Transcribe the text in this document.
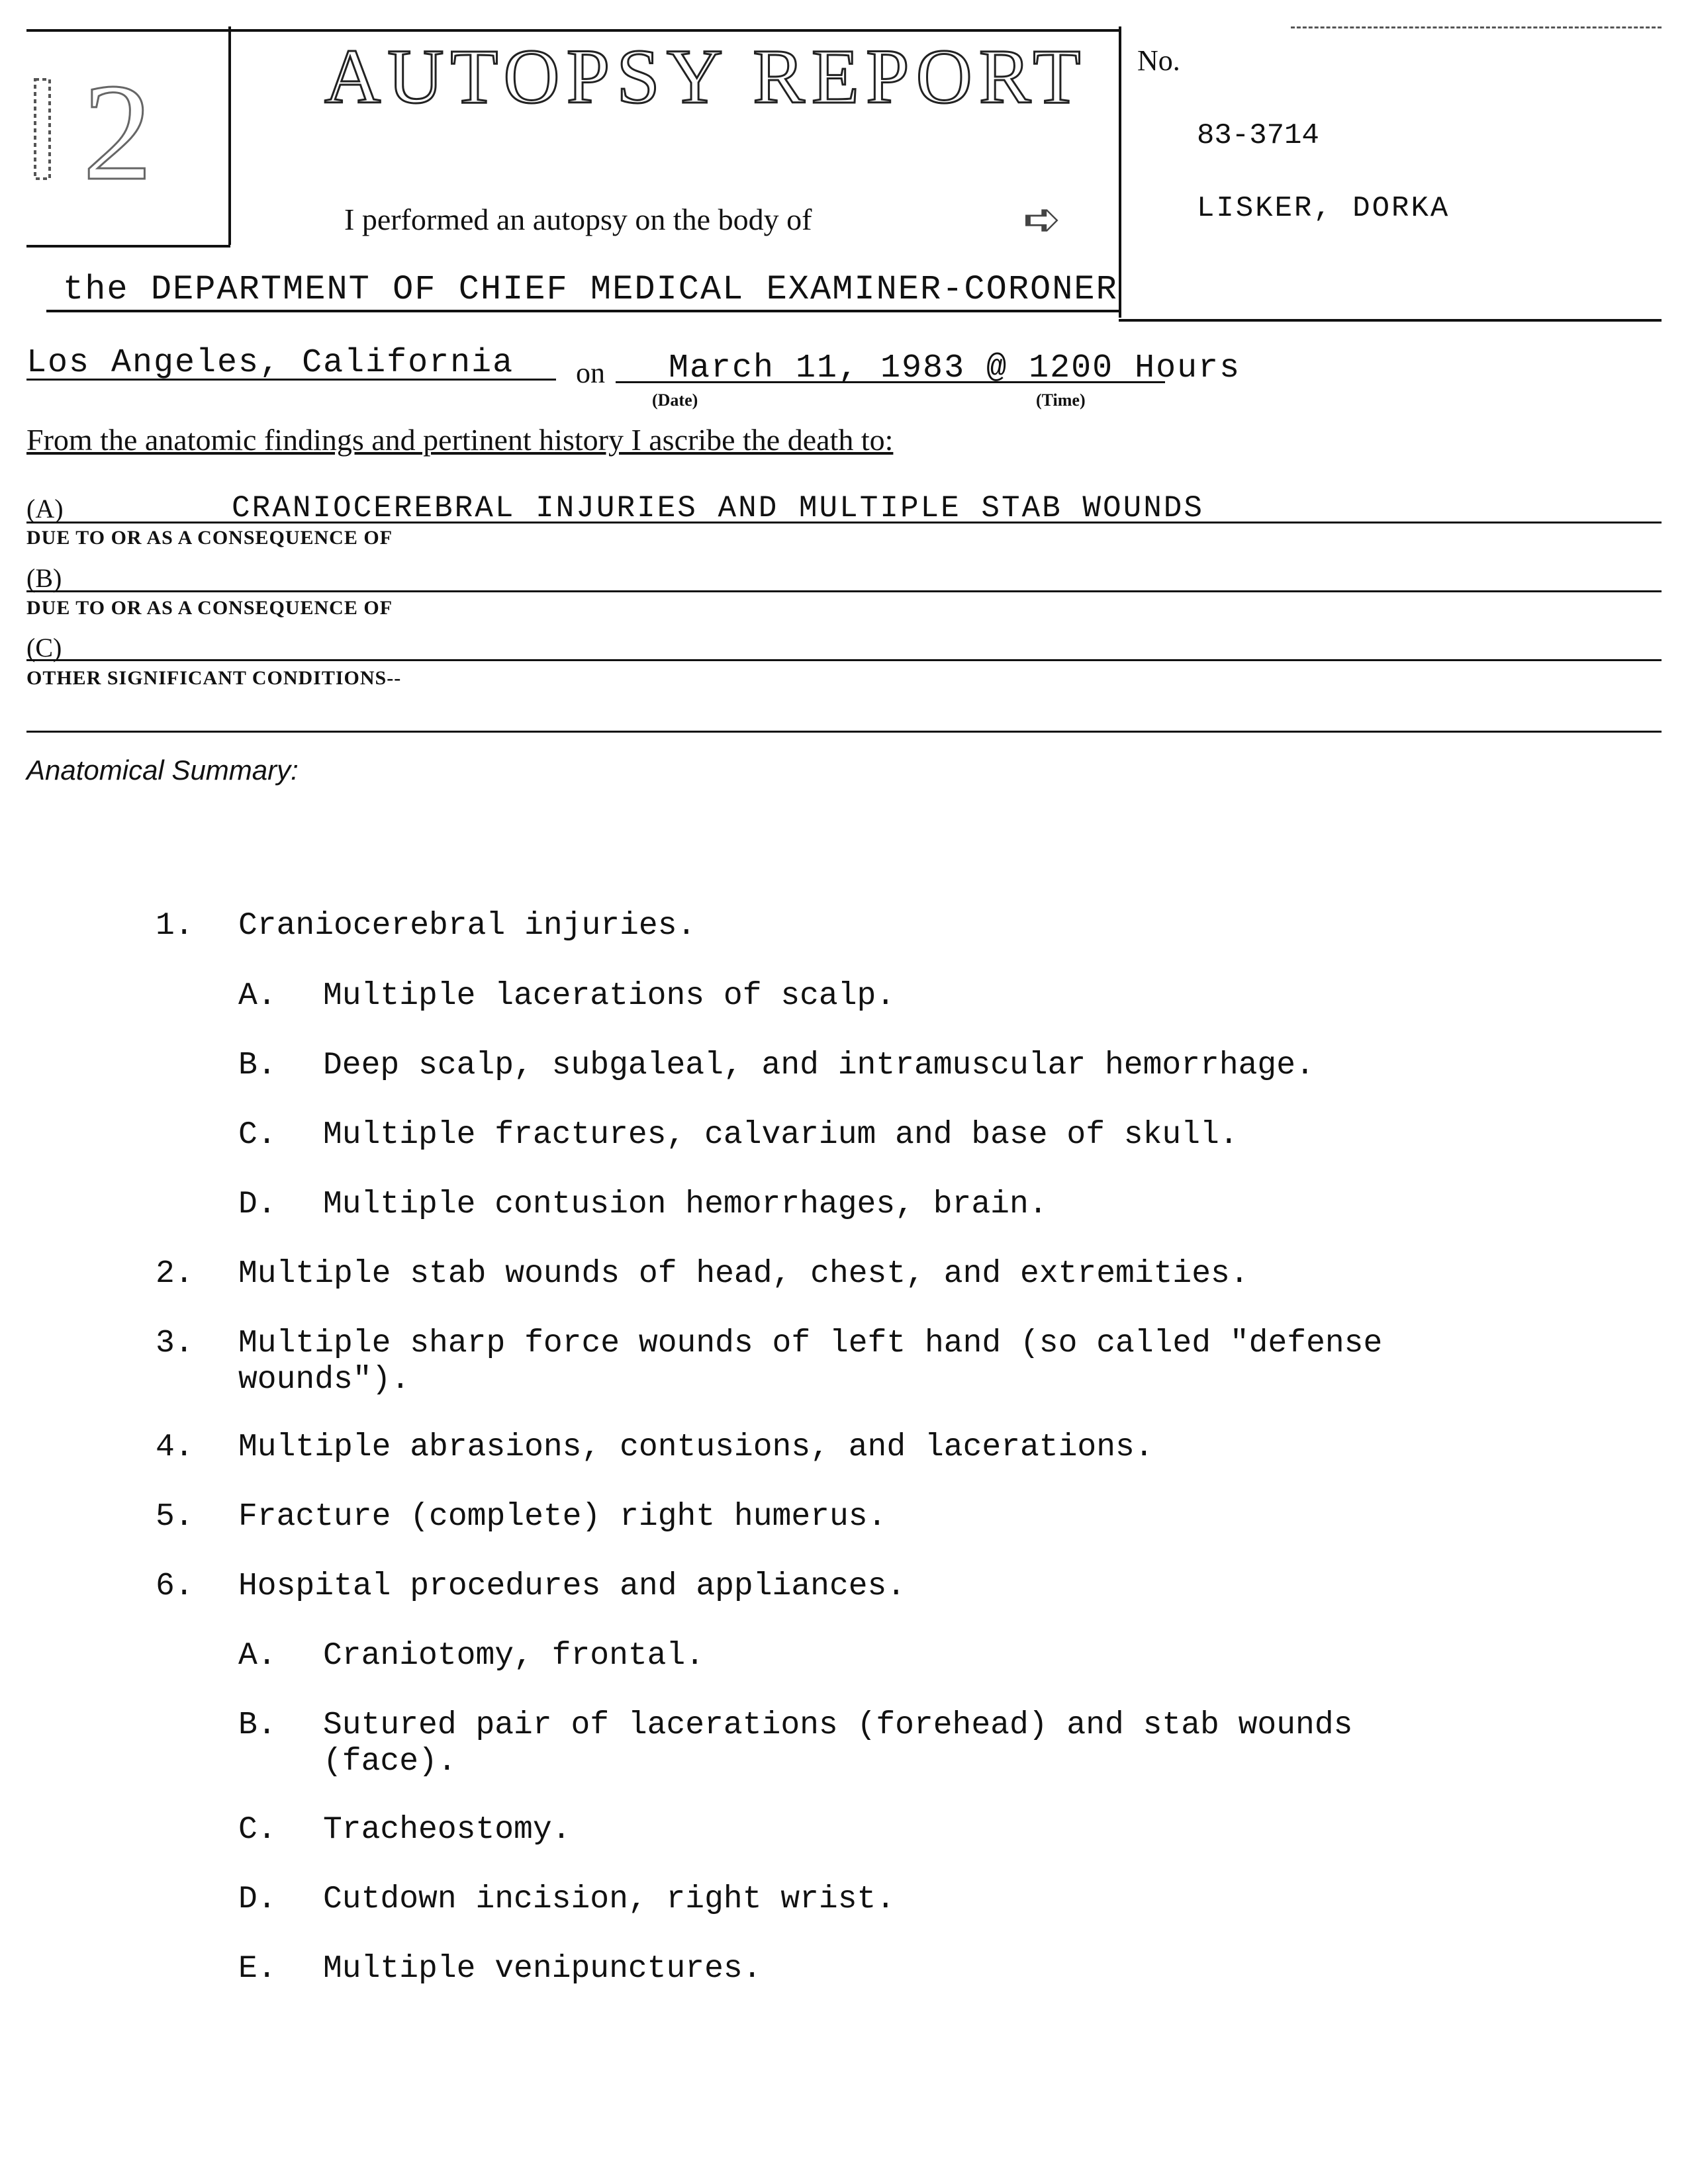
2 AUTOPSY REPORT
I performed an autopsy on the body of	➪
the DEPARTMENT OF CHIEF MEDICAL EXAMINER-CORONER
No.
83-3714
LISKER, DORKA
Los Angeles, California on March 11, 1983 @ 1200 Hours
(Date)	(Time)
From the anatomic findings and pertinent history I ascribe the death to:
(A)	CRANIOCEREBRAL INJURIES AND MULTIPLE STAB WOUNDS
DUE TO OR AS A CONSEQUENCE OF
(B)
DUE TO OR AS A CONSEQUENCE OF
(C)
OTHER SIGNIFICANT CONDITIONS--
Anatomical Summary:
1. Craniocerebral injuries.
A. Multiple lacerations of scalp.
B. Deep scalp, subgaleal, and intramuscular hemorrhage.
C. Multiple fractures, calvarium and base of skull.
D. Multiple contusion hemorrhages, brain.
2. Multiple stab wounds of head, chest, and extremities.
3. Multiple sharp force wounds of left hand (so called "defense
wounds").
4. Multiple abrasions, contusions, and lacerations.
5. Fracture (complete) right humerus.
6. Hospital procedures and appliances.
A. Craniotomy, frontal.
B. Sutured pair of lacerations (forehead) and stab wounds
(face).
C. Tracheostomy.
D. Cutdown incision, right wrist.
E. Multiple venipunctures.
